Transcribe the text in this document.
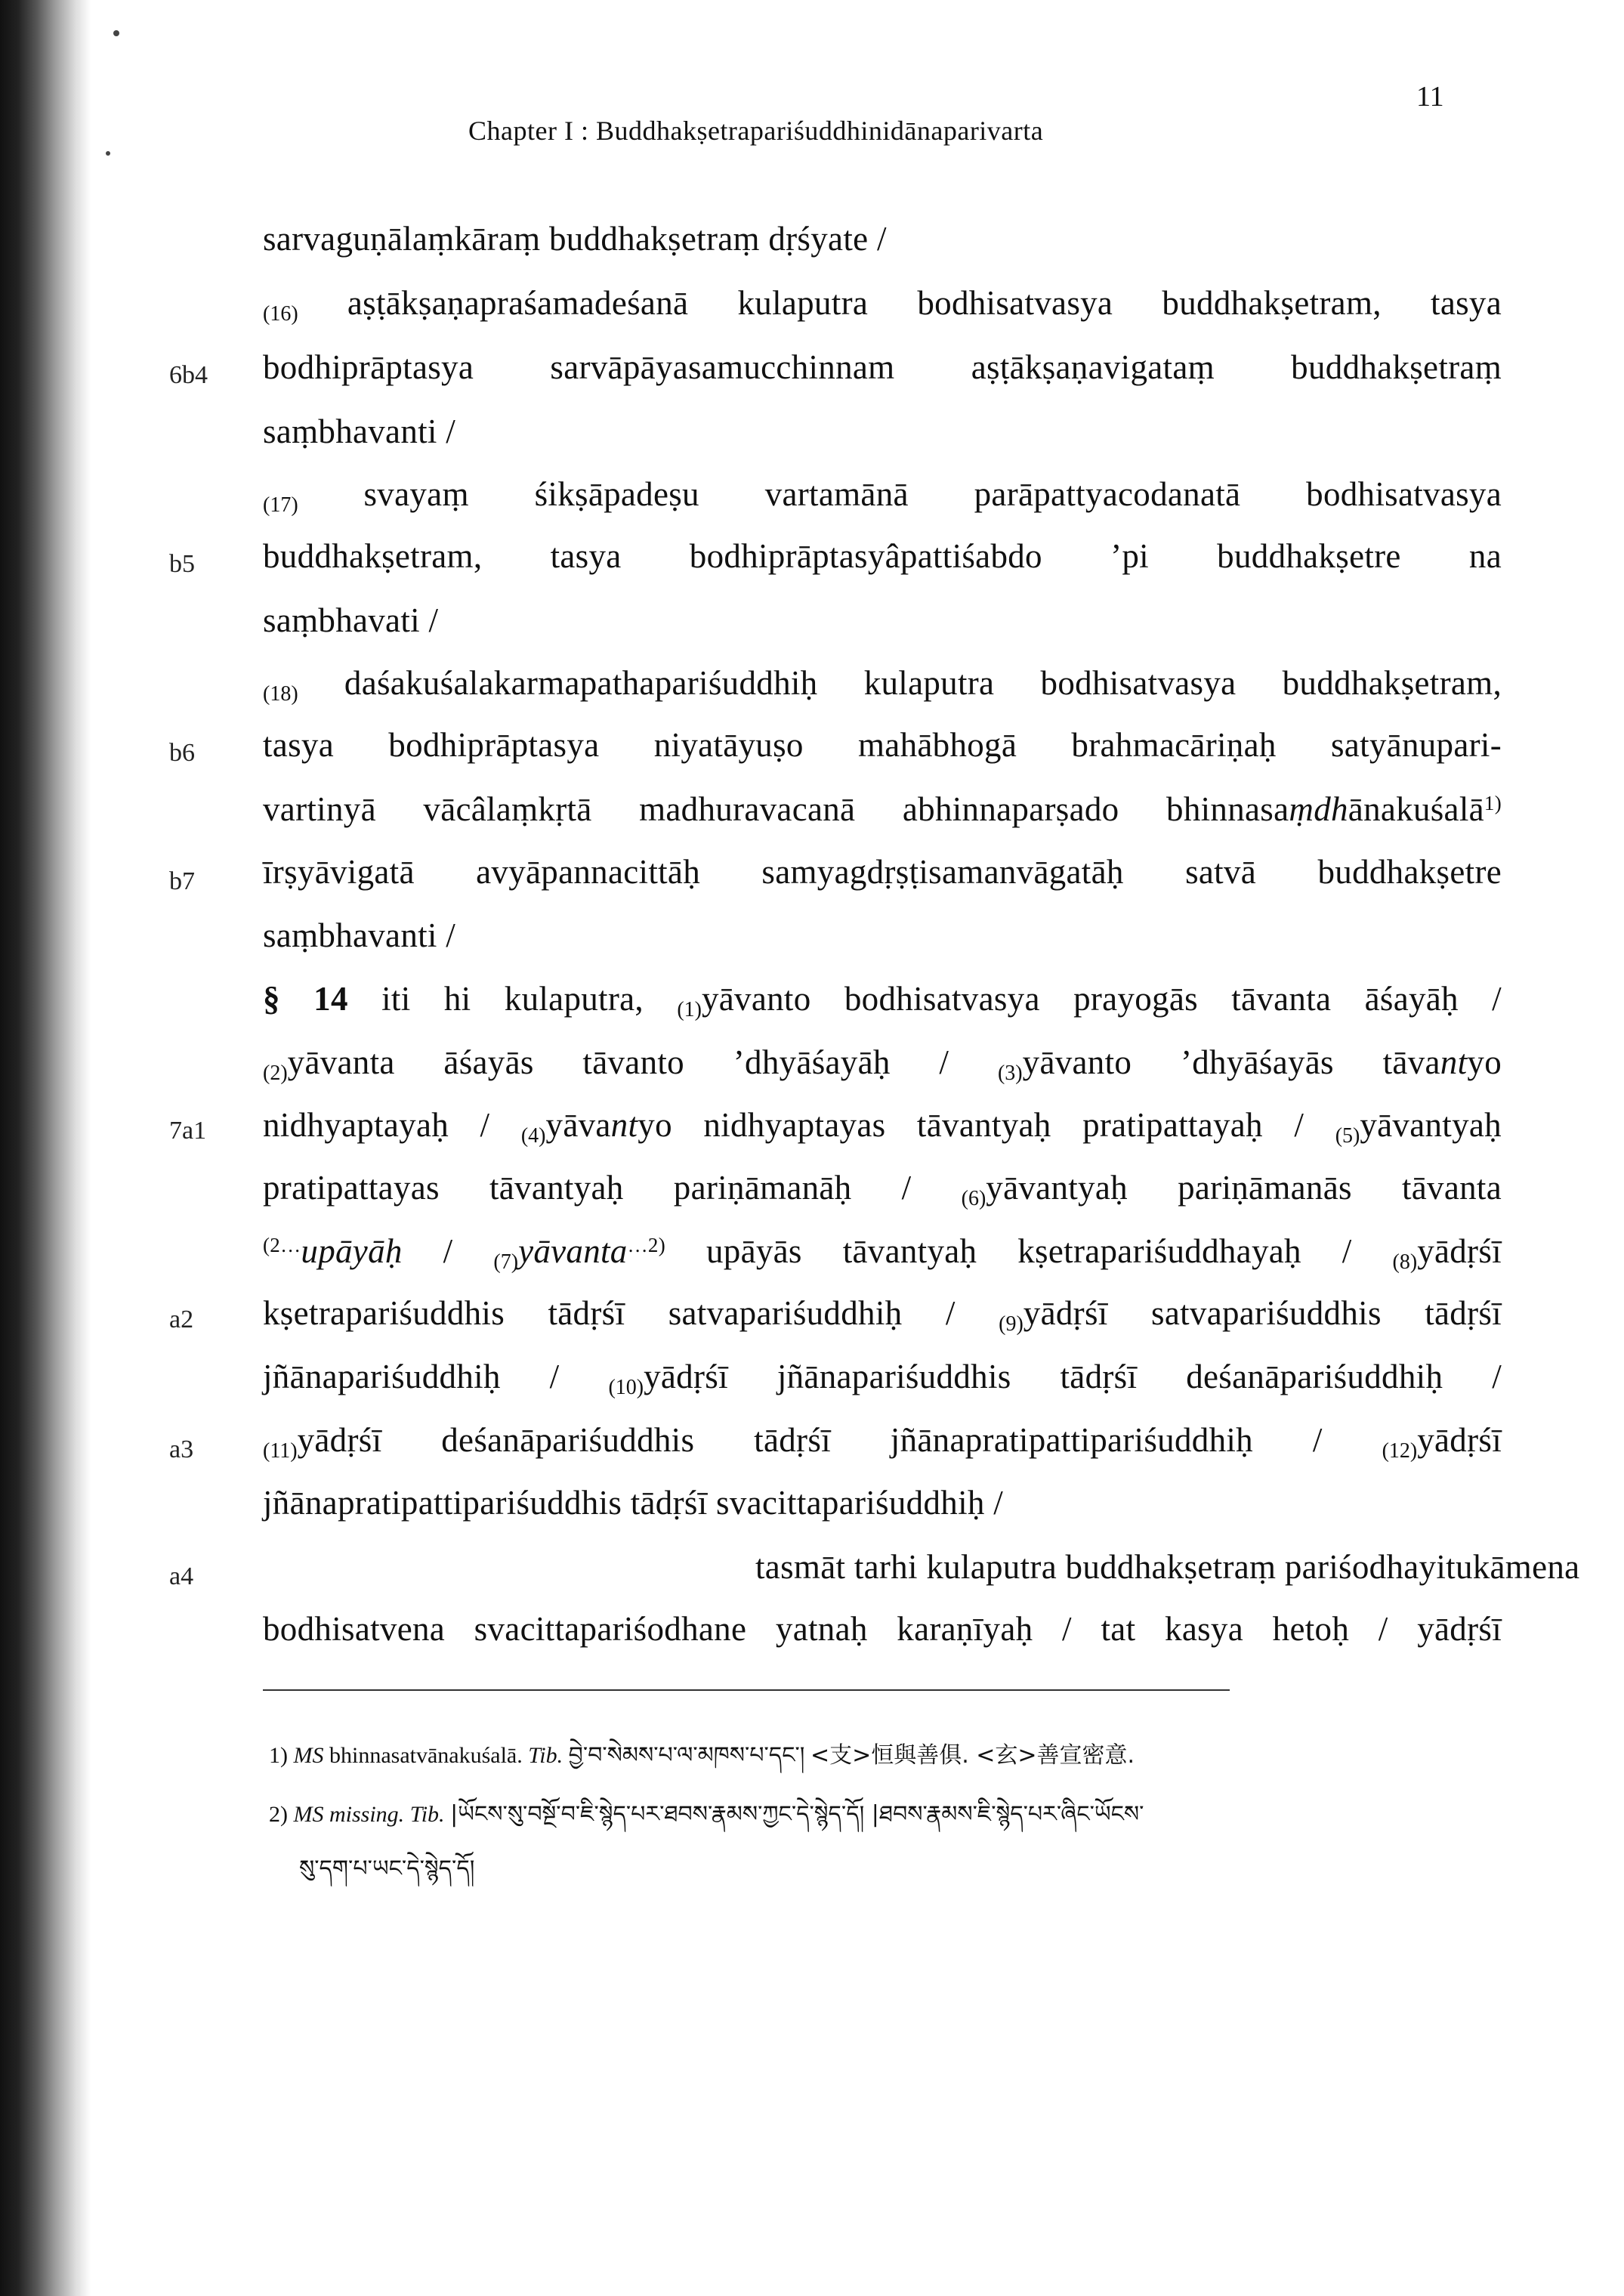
Chapter I : Buddhakṣetrapariśuddhinidānaparivarta
11
6b4
b5
b6
b7
7a1
a2
a3
a4
sarvaguṇālaṃkāraṃ buddhakṣetraṃ dṛśyate /
(16) aṣṭākṣaṇapraśamadeśanā kulaputra bodhisatvasya buddhakṣetram, tasya
bodhiprāptasya sarvāpāyasamucchinnam aṣṭākṣaṇavigataṃ buddhakṣetraṃ
saṃbhavanti /
(17) svayaṃ śikṣāpadeṣu vartamānā parāpattyacodanatā bodhisatvasya
buddhakṣetram, tasya bodhiprāptasyâpattiśabdo ’pi buddhakṣetre na
saṃbhavati /
(18) daśakuśalakarmapathapariśuddhiḥ kulaputra bodhisatvasya buddhakṣetram,
tasya bodhiprāptasya niyatāyuṣo mahābhogā brahmacāriṇaḥ satyānupari-
vartinyā vācâlaṃkṛtā madhuravacanā abhinnaparṣado bhinnasaṃdhānakuśalā$^{1)}$
īrṣyāvigatā avyāpannacittāḥ samyagdṛṣṭisamanvāgatāḥ satvā buddhakṣetre
saṃbhavanti /
§ 14 iti hi kulaputra, (1)yāvanto bodhisatvasya prayogās tāvanta āśayāḥ /
(2)yāvanta āśayās tāvanto ’dhyāśayāḥ / (3)yāvanto ’dhyāśayās tāvantyo
nidhyaptayaḥ / (4)yāvantyo nidhyaptayas tāvantyaḥ pratipattayaḥ / (5)yāvantyaḥ
pratipattayas tāvantyaḥ pariṇāmanāḥ / (6)yāvantyaḥ pariṇāmanās tāvanta
$^{(2\dots}$upāyāḥ / (7)yāvanta$^{\dots 2)}$ upāyās tāvantyaḥ kṣetrapariśuddhayaḥ / (8)yādṛśī
kṣetrapariśuddhis tādṛśī satvapariśuddhiḥ / (9)yādṛśī satvapariśuddhis tādṛśī
jñānapariśuddhiḥ / (10)yādṛśī jñānapariśuddhis tādṛśī deśanāpariśuddhiḥ /
(11)yādṛśī deśanāpariśuddhis tādṛśī jñānapratipattipariśuddhiḥ /	(12)yādṛśī
jñānapratipattipariśuddhis tādṛśī svacittapariśuddhiḥ /
tasmāt tarhi kulaputra buddhakṣetraṃ pariśodhayitukāmena
bodhisatvena svacittapariśodhane yatnaḥ karaṇīyaḥ / tat kasya hetoḥ / yādṛśī
1) MS bhinnasatvānakuśalā. Tib. བྱེ་བ་སེམས་པ་ལ་མཁས་པ་དང་། <支>恒與善俱. <玄>善宣密意.
2) MS missing. Tib. |ཡོངས་སུ་བསྔོ་བ་ཇི་སྙེད་པར་ཐབས་རྣམས་ཀྱང་དེ་སྙེད་དོ། |ཐབས་རྣམས་ཇི་སྙེད་པར་ཞིང་ཡོངས་
སུ་དག་པ་ཡང་དེ་སྙེད་དོ།
